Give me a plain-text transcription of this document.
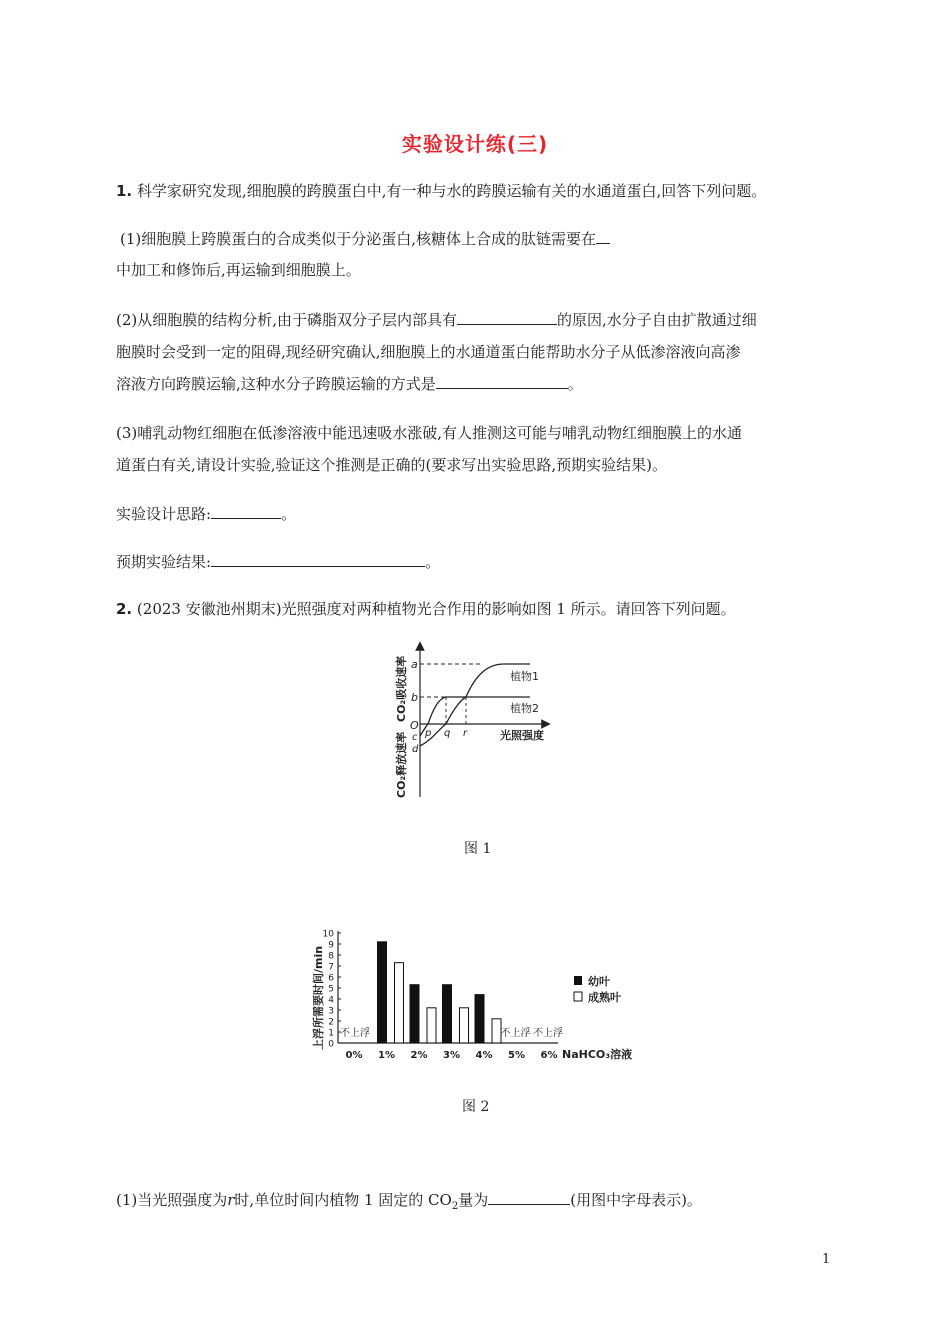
实验设计练(三)
1. 科学家研究发现,细胞膜的跨膜蛋白中,有一种与水的跨膜运输有关的水通道蛋白,回答下列问题。
(1)细胞膜上跨膜蛋白的合成类似于分泌蛋白,核糖体上合成的肽链需要在
中加工和修饰后,再运输到细胞膜上。
(2)从细胞膜的结构分析,由于磷脂双分子层内部具有	的原因,水分子自由扩散通过细
胞膜时会受到一定的阻碍,现经研究确认,细胞膜上的水通道蛋白能帮助水分子从低渗溶液向高渗
溶液方向跨膜运输,这种水分子跨膜运输的方式是	。
(3)哺乳动物红细胞在低渗溶液中能迅速吸水涨破,有人推测这可能与哺乳动物红细胞膜上的水通
道蛋白有关,请设计实验,验证这个推测是正确的(要求写出实验思路,预期实验结果)。
实验设计思路:	。
预期实验结果:	。
2. (2023 安徽池州期末)光照强度对两种植物光合作用的影响如图 1 所示。请回答下列问题。
植物1
植物2
a
b
O
c
d
p q r	光照强度
CO₂吸收速率
CO₂释放速率
图 1
上浮所需要时间/min 0
1
2
3
4
5
6
7
8
9
10
0% 1% 2% 3% 4% 5% 6%
不上浮	不上浮 不上浮
NaHCO₃溶液
幼叶
成熟叶
图 2
(1)当光照强度为r时,单位时间内植物 1 固定的 $CO_2$量为	(用图中字母表示)。
1
